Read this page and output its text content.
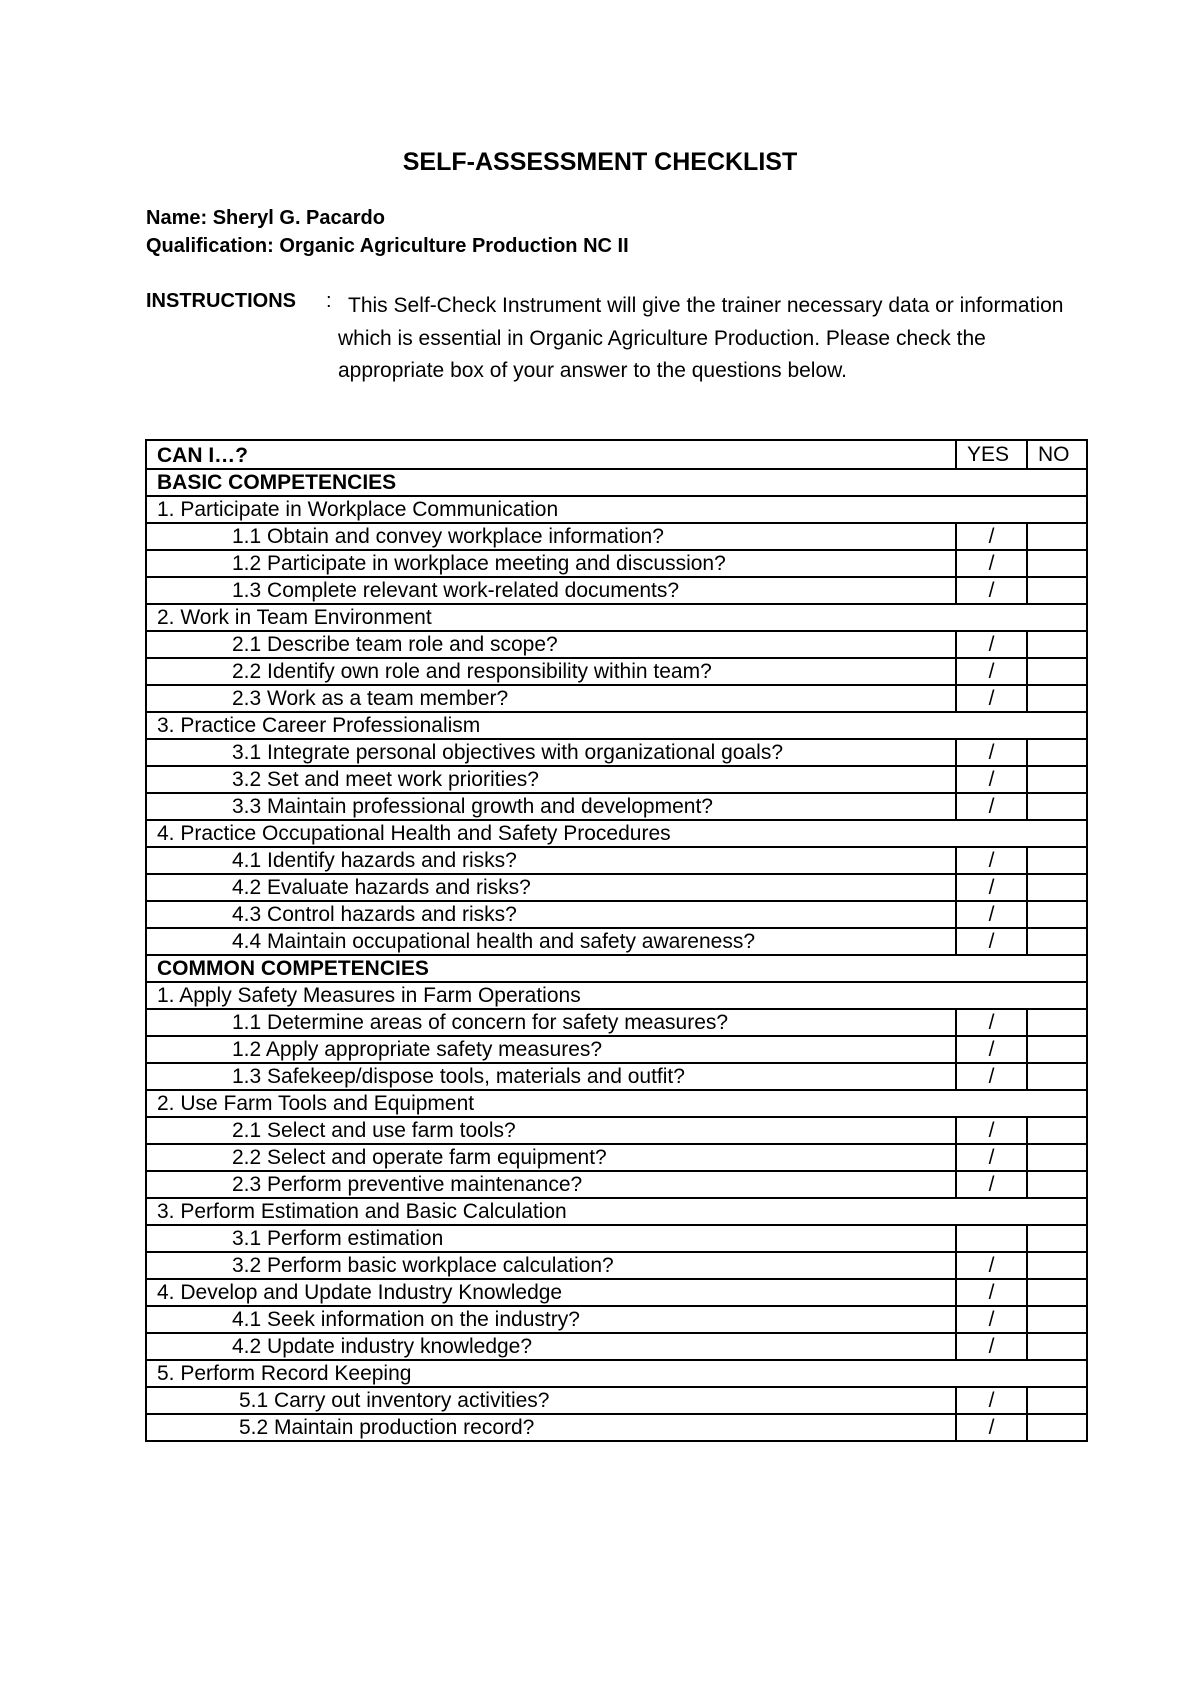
SELF-ASSESSMENT CHECKLIST
Name: Sheryl G. Pacardo
Qualification: Organic Agriculture Production NC II
INSTRUCTIONS : This Self-Check Instrument will give the trainer necessary data or information which is essential in Organic Agriculture Production. Please check the appropriate box of your answer to the questions below.
CAN I…?	YES	NO
BASIC COMPETENCIES		
1. Participate in Workplace Communication		
1.1 Obtain and convey workplace information?	/	
1.2 Participate in workplace meeting and discussion?	/	
1.3 Complete relevant work-related documents?	/	
2. Work in Team Environment		
2.1 Describe team role and scope?	/	
2.2 Identify own role and responsibility within team?	/	
2.3 Work as a team member?	/	
3. Practice Career Professionalism		
3.1 Integrate personal objectives with organizational goals?	/	
3.2 Set and meet work priorities?	/	
3.3 Maintain professional growth and development?	/	
4. Practice Occupational Health and Safety Procedures		
4.1 Identify hazards and risks?	/	
4.2 Evaluate hazards and risks?	/	
4.3 Control hazards and risks?	/	
4.4 Maintain occupational health and safety awareness?	/	
COMMON COMPETENCIES		
1. Apply Safety Measures in Farm Operations		
1.1 Determine areas of concern for safety measures?	/	
1.2 Apply appropriate safety measures?	/	
1.3 Safekeep/dispose tools, materials and outfit?	/	
2. Use Farm Tools and Equipment		
2.1 Select and use farm tools?	/	
2.2 Select and operate farm equipment?	/	
2.3 Perform preventive maintenance?	/	
3. Perform Estimation and Basic Calculation		
3.1 Perform estimation		
3.2 Perform basic workplace calculation?	/	
4. Develop and Update Industry Knowledge	/	
4.1 Seek information on the industry?	/	
4.2 Update industry knowledge?	/	
5. Perform Record Keeping		
5.1 Carry out inventory activities?	/	
5.2 Maintain production record?	/	
